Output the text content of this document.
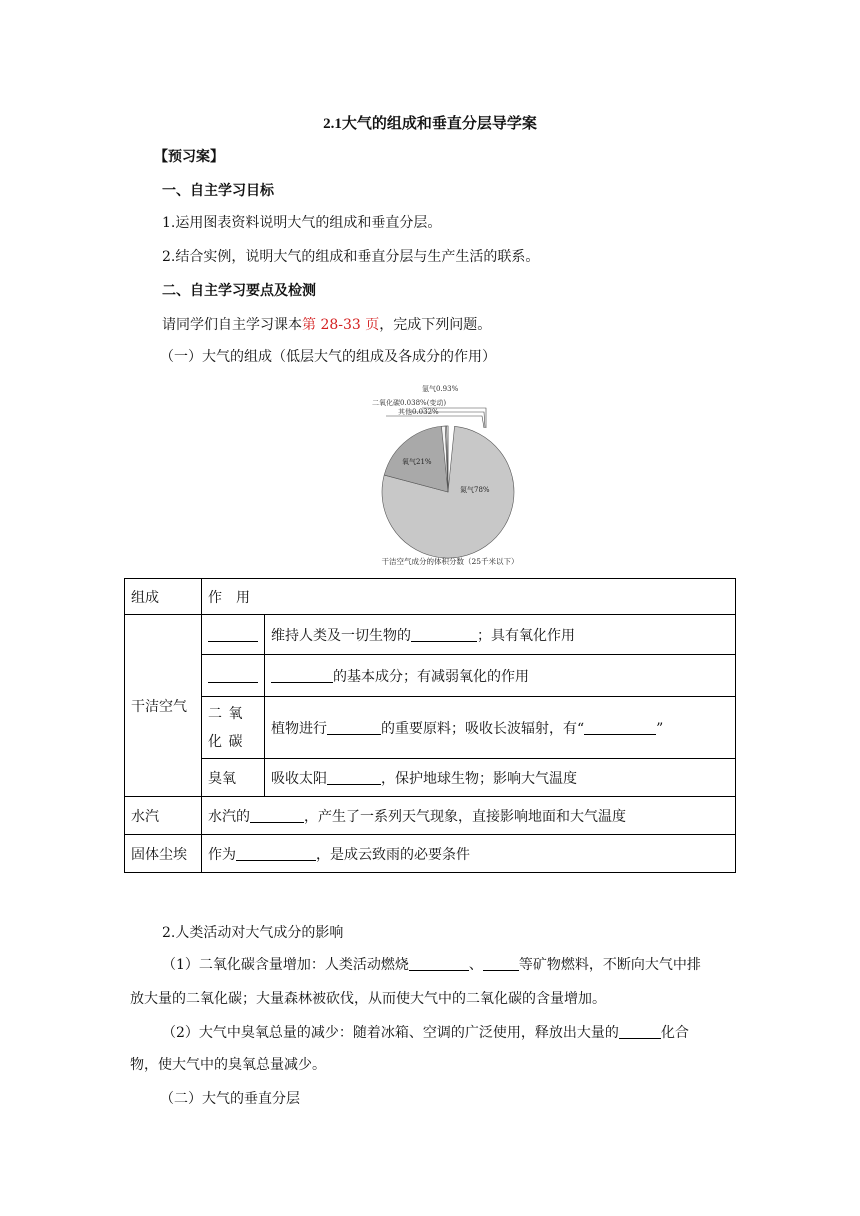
2.1大气的组成和垂直分层导学案
【预习案】
一、自主学习目标
1.运用图表资料说明大气的组成和垂直分层。
2.结合实例，说明大气的组成和垂直分层与生产生活的联系。
二、自主学习要点及检测
请同学们自主学习课本第 28-33 页，完成下列问题。
（一）大气的组成（低层大气的组成及各成分的作用）
氩气0.93%
二氧化碳0.038%(变动)
其他0.032%
氧气21%
氮气78%
干洁空气成分的体积分数（25千米以下）
组成	作　用	
干洁空气		维持人类及一切生物的 ；具有氧化作用
		的基本成分；有减弱氧化的作用
	二 氧 化 碳	植物进行 的重要原料；吸收长波辐射，有“ ”
	臭氧	吸收太阳 ，保护地球生物；影响大气温度
水汽	水汽的 ，产生了一系列天气现象，直接影响地面和大气温度	
固体尘埃	作为 ，是成云致雨的必要条件	
2.人类活动对大气成分的影响
（1）二氧化碳含量增加：人类活动燃烧	、	等矿物燃料，不断向大气中排
放大量的二氧化碳；大量森林被砍伐，从而使大气中的二氧化碳的含量增加。
（2）大气中臭氧总量的减少：随着冰箱、空调的广泛使用，释放出大量的	化合
物，使大气中的臭氧总量减少。
（二）大气的垂直分层
